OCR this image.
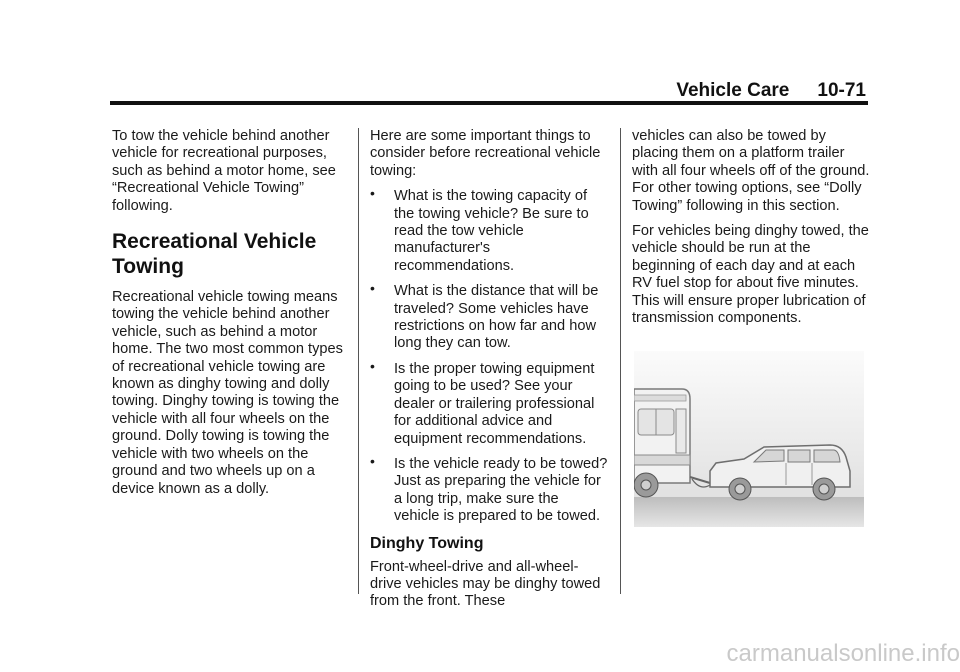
Vehicle Care 10-71

To tow the vehicle behind another vehicle for recreational purposes, such as behind a motor home, see “Recreational Vehicle Towing” following.

Recreational Vehicle Towing

Recreational vehicle towing means towing the vehicle behind another vehicle, such as behind a motor home. The two most common types of recreational vehicle towing are known as dinghy towing and dolly towing. Dinghy towing is towing the vehicle with all four wheels on the ground. Dolly towing is towing the vehicle with two wheels on the ground and two wheels up on a device known as a dolly.

Here are some important things to consider before recreational vehicle towing:

• What is the towing capacity of the towing vehicle? Be sure to read the tow vehicle manufacturer's recommendations.
• What is the distance that will be traveled? Some vehicles have restrictions on how far and how long they can tow.
• Is the proper towing equipment going to be used? See your dealer or trailering professional for additional advice and equipment recommendations.
• Is the vehicle ready to be towed? Just as preparing the vehicle for a long trip, make sure the vehicle is prepared to be towed.
Dinghy Towing

Front-wheel-drive and all-wheel-drive vehicles may be dinghy towed from the front. These

vehicles can also be towed by placing them on a platform trailer with all four wheels off of the ground. For other towing options, see “Dolly Towing” following in this section.

For vehicles being dinghy towed, the vehicle should be run at the beginning of each day and at each RV fuel stop for about five minutes. This will ensure proper lubrication of transmission components.

carmanualsonline.info
